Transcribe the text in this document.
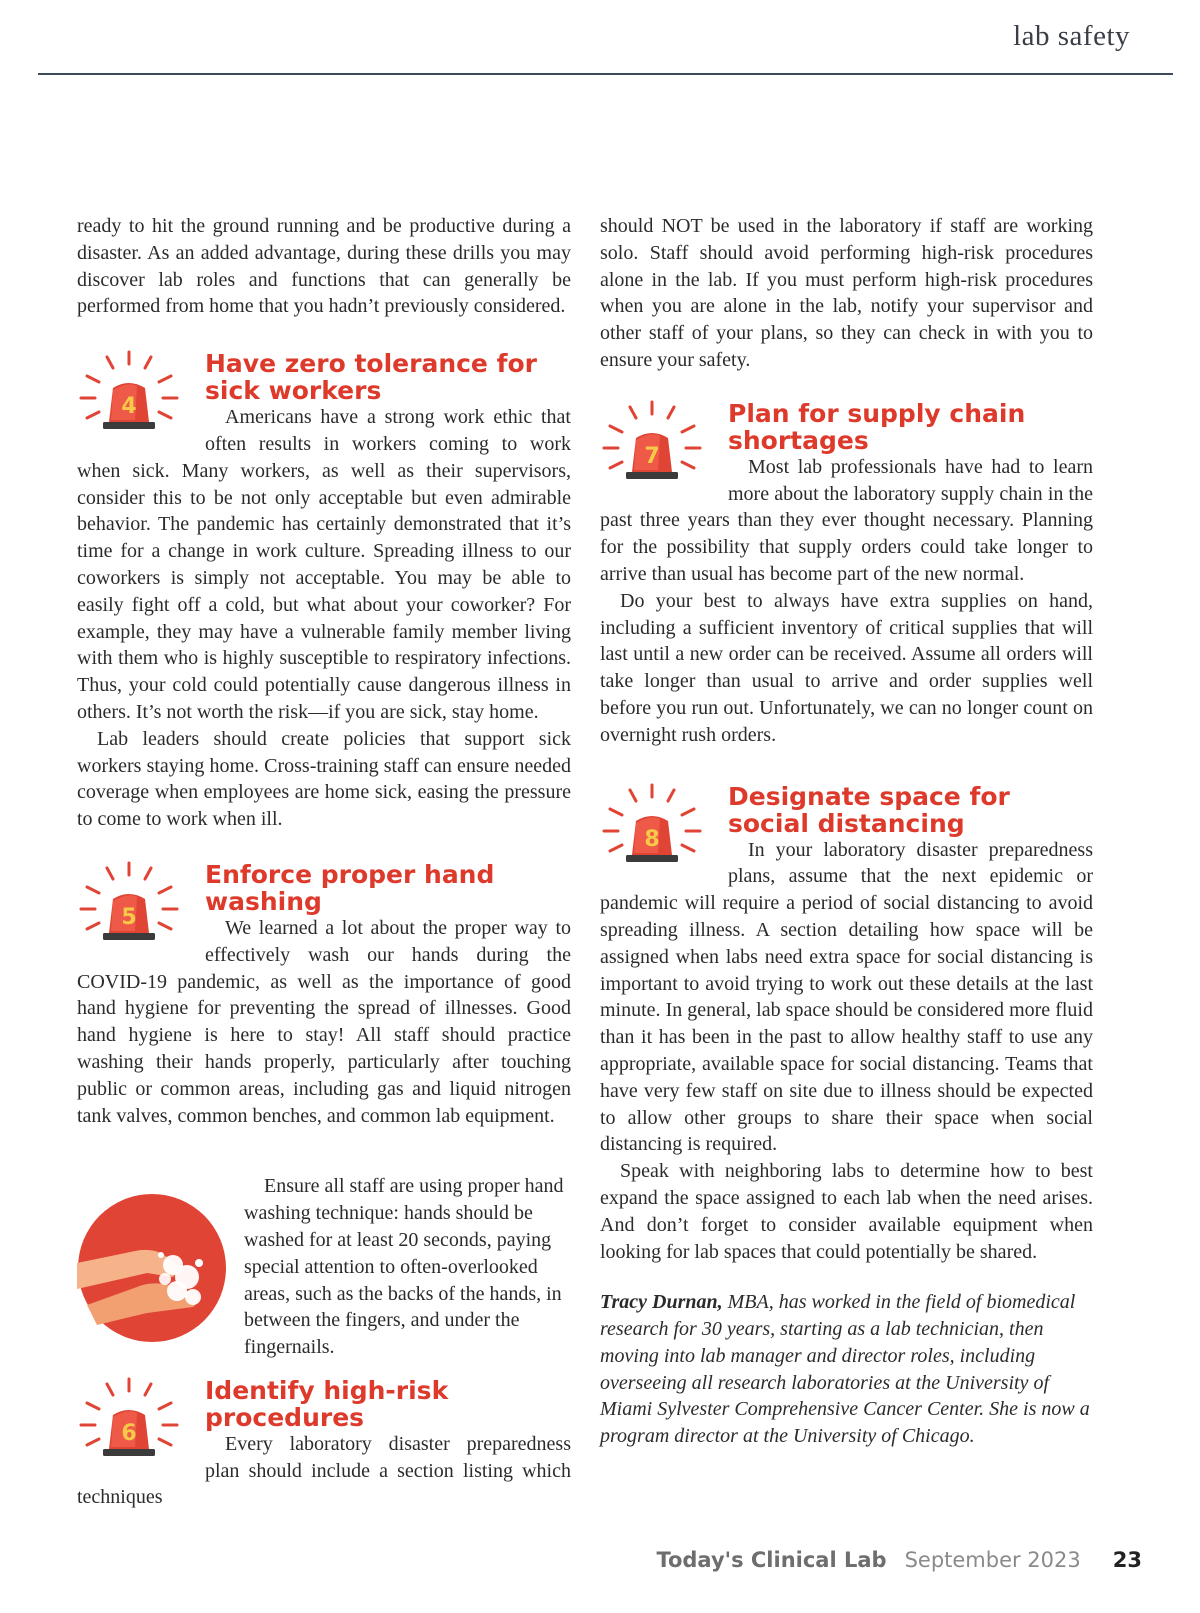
lab safety

ready to hit the ground running and be productive during a disaster. As an added advantage, during these drills you may discover lab roles and functions that can generally be performed from home that you hadn’t previously considered.

4
Have zero tolerance for sick workers

Americans have a strong work ethic that often results in workers coming to work when sick. Many workers, as well as their supervisors, consider this to be not only acceptable but even admirable behavior. The pandemic has certainly demonstrated that it’s time for a change in work culture. Spreading illness to our coworkers is simply not acceptable. You may be able to easily fight off a cold, but what about your coworker? For example, they may have a vulnerable family member living with them who is highly susceptible to respiratory infections. Thus, your cold could potentially cause dangerous illness in others. It’s not worth the risk—if you are sick, stay home.

Lab leaders should create policies that support sick workers staying home. Cross-training staff can ensure needed coverage when employees are home sick, easing the pressure to come to work when ill.

5
Enforce proper hand washing

We learned a lot about the proper way to effectively wash our hands during the COVID-19 pandemic, as well as the importance of good hand hygiene for preventing the spread of illnesses. Good hand hygiene is here to stay! All staff should practice washing their hands properly, particularly after touching public or common areas, including gas and liquid nitrogen tank valves, common benches, and common lab equipment.

Ensure all staff are using proper hand washing technique: hands should be washed for at least 20 seconds, paying special attention to often-overlooked areas, such as the backs of the hands, in between the fingers, and under the fingernails.

6
Identify high-risk procedures

Every laboratory disaster preparedness plan should include a section listing which techniques

should NOT be used in the laboratory if staff are working solo. Staff should avoid performing high-risk procedures alone in the lab. If you must perform high-risk procedures when you are alone in the lab, notify your supervisor and other staff of your plans, so they can check in with you to ensure your safety.

7
Plan for supply chain shortages

Most lab professionals have had to learn more about the laboratory supply chain in the past three years than they ever thought necessary. Planning for the possibility that supply orders could take longer to arrive than usual has become part of the new normal.

Do your best to always have extra supplies on hand, including a sufficient inventory of critical supplies that will last until a new order can be received. Assume all orders will take longer than usual to arrive and order supplies well before you run out. Unfortunately, we can no longer count on overnight rush orders.

8
Designate space for social distancing

In your laboratory disaster preparedness plans, assume that the next epidemic or pandemic will require a period of social distancing to avoid spreading illness. A section detailing how space will be assigned when labs need extra space for social distancing is important to avoid trying to work out these details at the last minute. In general, lab space should be considered more fluid than it has been in the past to allow healthy staff to use any appropriate, available space for social distancing. Teams that have very few staff on site due to illness should be expected to allow other groups to share their space when social distancing is required.

Speak with neighboring labs to determine how to best expand the space assigned to each lab when the need arises. And don’t forget to consider available equipment when looking for lab spaces that could potentially be shared.

Tracy Durnan, MBA, has worked in the field of biomedical research for 30 years, starting as a lab technician, then moving into lab manager and director roles, including overseeing all research laboratories at the University of Miami Sylvester Comprehensive Cancer Center. She is now a program director at the University of Chicago.

Today's Clinical Lab September 2023 23
